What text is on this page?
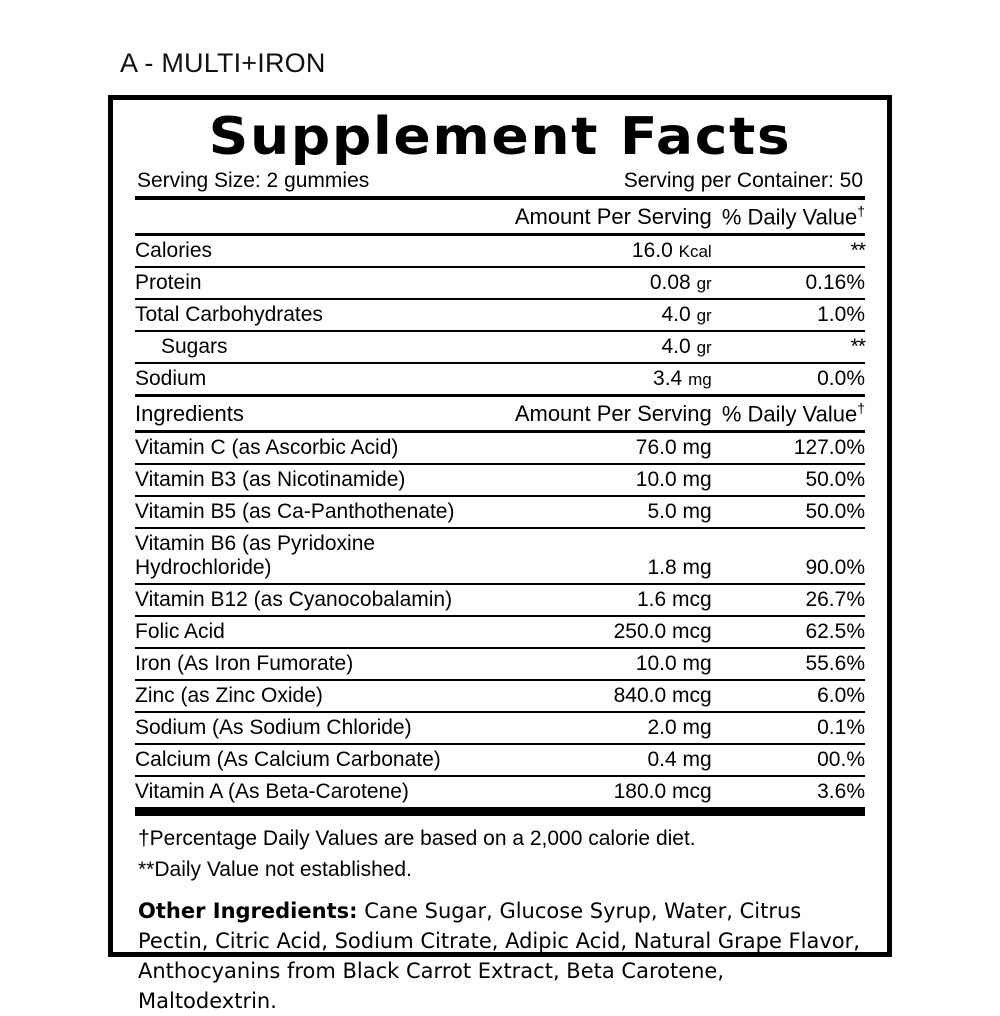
A - MULTI+IRON
Supplement Facts
Serving Size: 2 gummies	Serving per Container: 50
	Amount Per Serving	% Daily Value†
Calories	16.0 Kcal	**
Protein	0.08 gr	0.16%
Total Carbohydrates	4.0 gr	1.0%
Sugars	4.0 gr	**
Sodium	3.4 mg	0.0%
Ingredients	Amount Per Serving	% Daily Value†
Vitamin C (as Ascorbic Acid)	76.0 mg	127.0%
Vitamin B3 (as Nicotinamide)	10.0 mg	50.0%
Vitamin B5 (as Ca-Panthothenate)	5.0 mg	50.0%
Vitamin B6 (as Pyridoxine Hydrochloride)	1.8 mg	90.0%
Vitamin B12 (as Cyanocobalamin)	1.6 mcg	26.7%
Folic Acid	250.0 mcg	62.5%
Iron (As Iron Fumorate)	10.0 mg	55.6%
Zinc (as Zinc Oxide)	840.0 mcg	6.0%
Sodium (As Sodium Chloride)	2.0 mg	0.1%
Calcium (As Calcium Carbonate)	0.4 mg	00.%
Vitamin A (As Beta-Carotene)	180.0 mcg	3.6%
†Percentage Daily Values are based on a 2,000 calorie diet.
**Daily Value not established.
Other Ingredients: Cane Sugar, Glucose Syrup, Water, Citrus Pectin, Citric Acid, Sodium Citrate, Adipic Acid, Natural Grape Flavor, Anthocyanins from Black Carrot Extract, Beta Carotene, Maltodextrin.
